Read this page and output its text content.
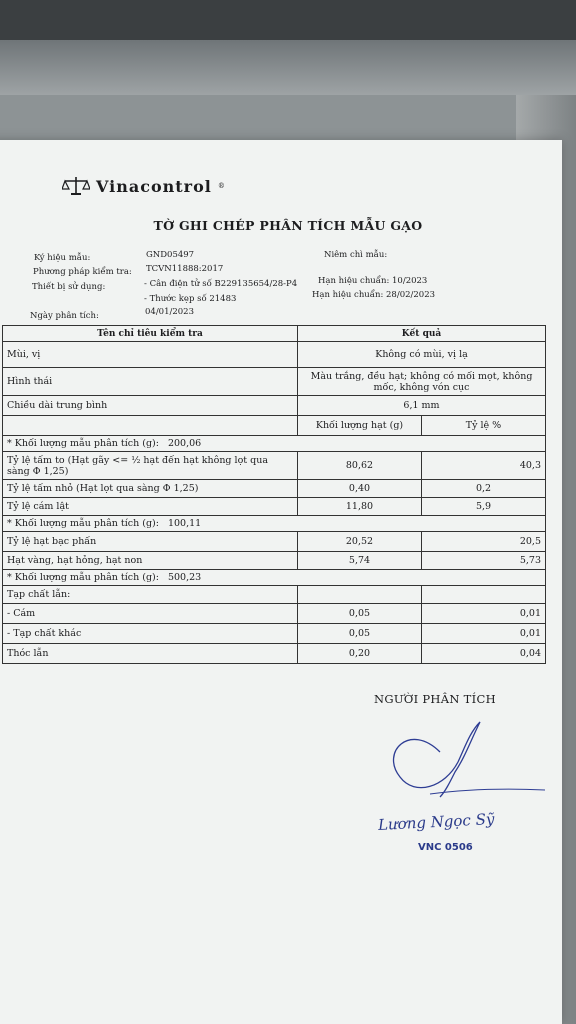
Vinacontrol ®
TỜ GHI CHÉP PHÂN TÍCH MẪU GẠO
Ký hiệu mẫu:	GND05497	Niêm chì mẫu:
Phương pháp kiểm tra: TCVN11888:2017
Thiết bị sử dụng:	- Cân điện tử số B229135654/28-P4 Hạn hiệu chuẩn: 10/2023
- Thước kẹp số 21483	Hạn hiệu chuẩn: 28/02/2023
Ngày phân tích:	04/01/2023
Tên chỉ tiêu kiểm tra	Kết quả	
Mùi, vị	Không có mùi, vị lạ	
Hình thái	Màu trắng, đều hạt; không có mối mọt, không mốc, không vón cục	
Chiều dài trung bình	6,1 mm	
	Khối lượng hạt (g)	Tỷ lệ %
* Khối lượng mẫu phân tích (g): 200,06		
Tỷ lệ tấm to (Hạt gãy <= ½ hạt đến hạt không lọt qua sàng Φ 1,25)	80,62	40,3
Tỷ lệ tấm nhỏ (Hạt lọt qua sàng Φ 1,25)	0,40	0,2
Tỷ lệ cám lật	11,80	5,9
* Khối lượng mẫu phân tích (g): 100,11		
Tỷ lệ hạt bạc phấn	20,52	20,5
Hạt vàng, hạt hỏng, hạt non	5,74	5,73
* Khối lượng mẫu phân tích (g): 500,23		
Tạp chất lẫn:		
- Cám	0,05	0,01
- Tạp chất khác	0,05	0,01
Thóc lẫn	0,20	0,04
NGƯỜI PHÂN TÍCH
Lương Ngọc Sỹ
VNC 0506
